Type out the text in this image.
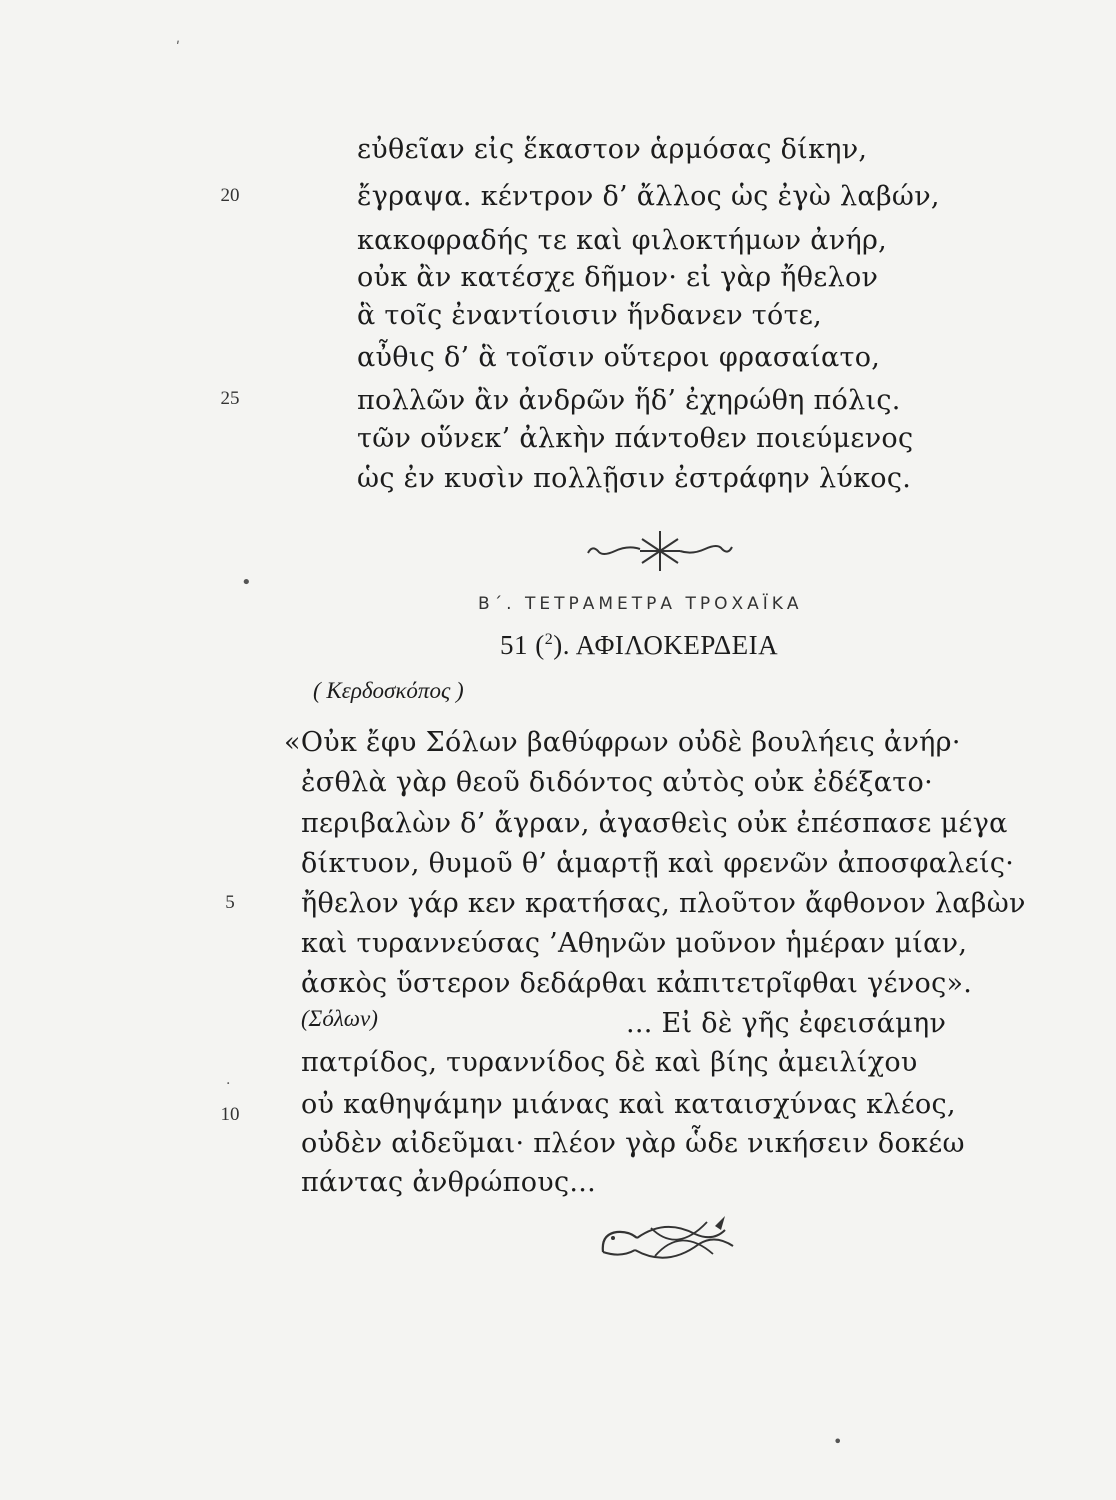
ʹ
εὐθεῖαν εἰς ἕκαστον ἁρμόσας δίκην,
ἔγραψα. κέντρον δ’ ἄλλος ὡς ἐγὼ λαβών,
κακοφραδής τε καὶ φιλοκτήμων ἀνήρ,
οὐκ ἂν κατέσχε δῆμον· εἰ γὰρ ἤθελον
ἃ τοῖς ἐναντίοισιν ἥνδανεν τότε,
αὖθις δ’ ἃ τοῖσιν οὕτεροι φρασαίατο,
πολλῶν ἂν ἀνδρῶν ἥδ’ ἐχηρώθη πόλις.
τῶν οὕνεκ’ ἀλκὴν πάντοθεν ποιεύμενος
ὡς ἐν κυσὶν πολλῇσιν ἐστράφην λύκος.
20
25
•
Β΄. ΤΕΤΡΑΜΕΤΡΑ ΤΡΟΧΑΪΚΑ
51 ($^2$). ΑΦΙΛΟΚΕΡΔΕΙΑ
( Κερδοσκόπος )
«Οὐκ ἔφυ Σόλων βαθύφρων οὐδὲ βουλήεις ἀνήρ·
ἐσθλὰ γὰρ θεοῦ διδόντος αὐτὸς οὐκ ἐδέξατο·
περιβαλὼν δ’ ἄγραν, ἀγασθεὶς οὐκ ἐπέσπασε μέγα
δίκτυον, θυμοῦ θ’ ἁμαρτῇ καὶ φρενῶν ἀποσφαλείς·
ἤθελον γάρ κεν κρατήσας, πλοῦτον ἄφθονον λαβὼν
καὶ τυραννεύσας ’Αθηνῶν μοῦνον ἡμέραν μίαν,
ἀσκὸς ὕστερον δεδάρθαι κἀπιτετρῖφθαι γένος».
(Σόλων)	... Εἰ δὲ γῆς ἐφεισάμην
πατρίδος, τυραννίδος δὲ καὶ βίης ἀμειλίχου
οὐ καθηψάμην μιάνας καὶ καταισχύνας κλέος,
οὐδὲν αἰδεῦμαι· πλέον γὰρ ὧδε νικήσειν δοκέω
πάντας ἀνθρώπους...
5
10
·
•
